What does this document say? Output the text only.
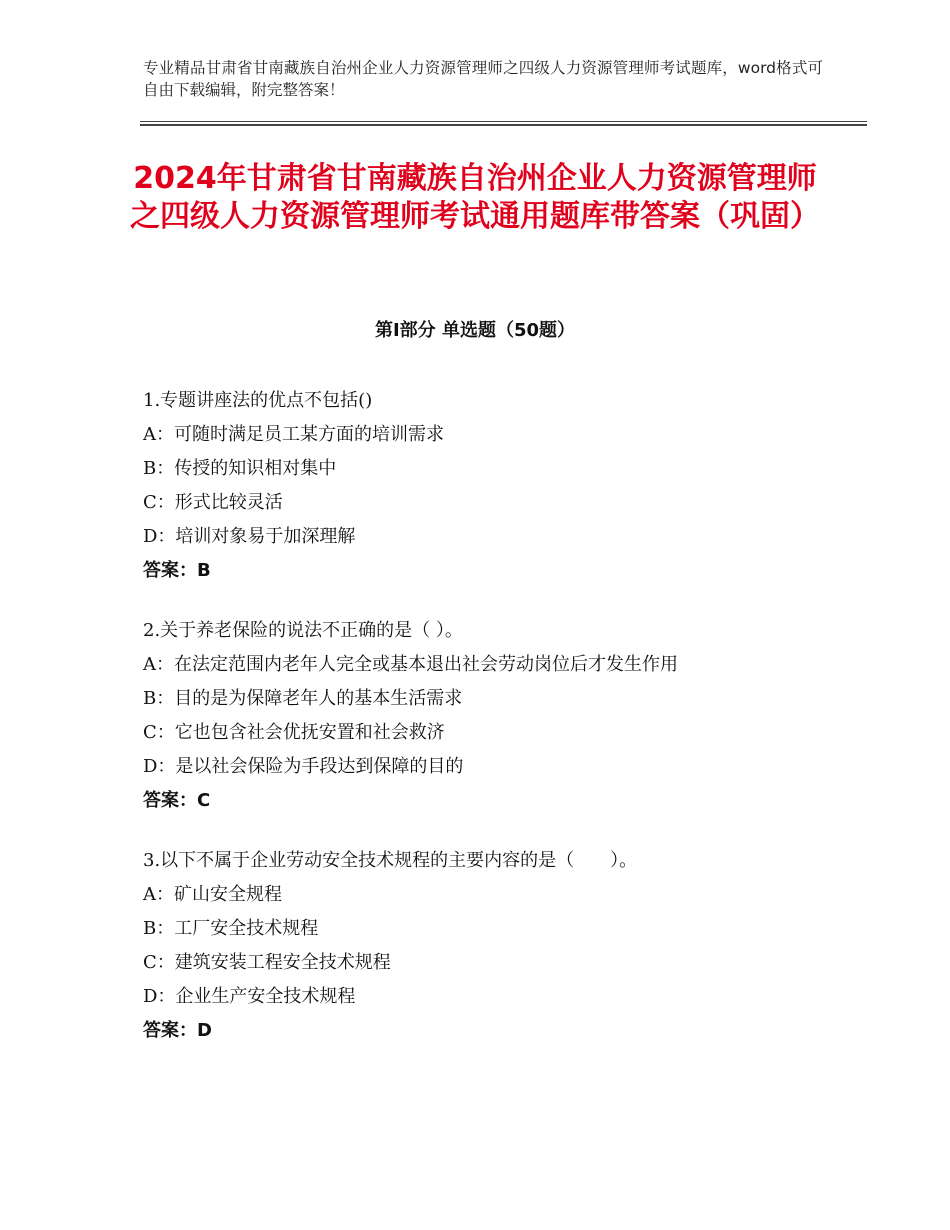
专业精品甘肃省甘南藏族自治州企业人力资源管理师之四级人力资源管理师考试题库，word格式可自由下载编辑，附完整答案！
2024年甘肃省甘南藏族自治州企业人力资源管理师之四级人力资源管理师考试通用题库带答案（巩固）
第Ⅰ部分 单选题（50题）
1.专题讲座法的优点不包括()
A：可随时满足员工某方面的培训需求
B：传授的知识相对集中
C：形式比较灵活
D：培训对象易于加深理解
答案：B
2.关于养老保险的说法不正确的是（ ）。
A：在法定范围内老年人完全或基本退出社会劳动岗位后才发生作用
B：目的是为保障老年人的基本生活需求
C：它也包含社会优抚安置和社会救济
D：是以社会保险为手段达到保障的目的
答案：C
3.以下不属于企业劳动安全技术规程的主要内容的是（　　）。
A：矿山安全规程
B：工厂安全技术规程
C：建筑安装工程安全技术规程
D：企业生产安全技术规程
答案：D
